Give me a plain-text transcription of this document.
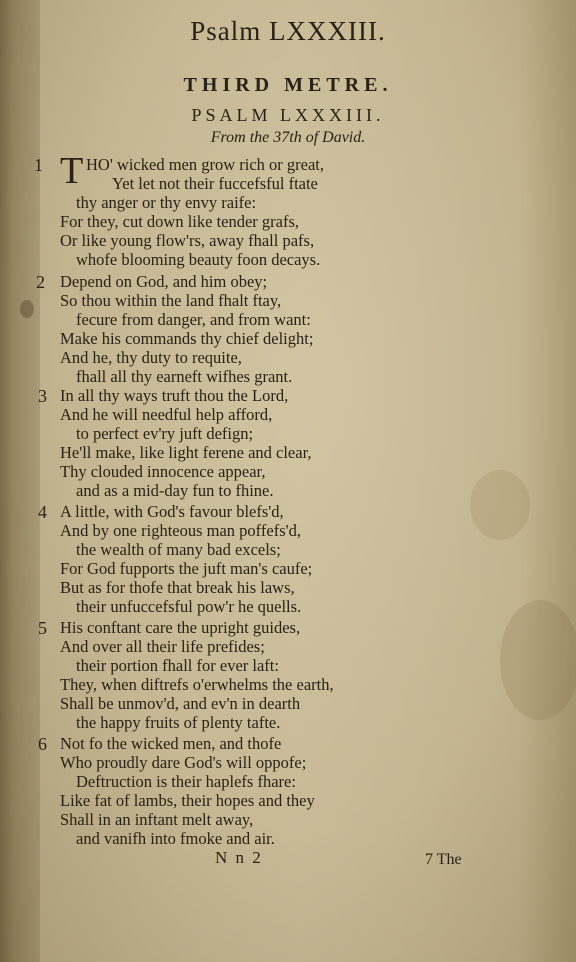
Psalm LXXXIII.
THIRD METRE.
PSALM LXXXIII.
From the 37th of David.
T
1	HO' wicked men grow rich or great,
Yet let not their fuccefsful ftate
thy anger or thy envy raife:
For they, cut down like tender grafs,
Or like young flow'rs, away fhall pafs,
whofe blooming beauty foon decays.
2 Depend on God, and him obey;
So thou within the land fhalt ftay,
fecure from danger, and from want:
Make his commands thy chief delight;
And he, thy duty to requite,
fhall all thy earneft wifhes grant.
3 In all thy ways truft thou the Lord,
And he will needful help afford,
to perfect ev'ry juft defign;
He'll make, like light ferene and clear,
Thy clouded innocence appear,
and as a mid-day fun to fhine.
4 A little, with God's favour blefs'd,
And by one righteous man poffefs'd,
the wealth of many bad excels;
For God fupports the juft man's caufe;
But as for thofe that break his laws,
their unfuccefsful pow'r he quells.
5 His conftant care the upright guides,
And over all their life prefides;
their portion fhall for ever laft:
They, when diftrefs o'erwhelms the earth,
Shall be unmov'd, and ev'n in dearth
the happy fruits of plenty tafte.
6 Not fo the wicked men, and thofe
Who proudly dare God's will oppofe;
Deftruction is their haplefs fhare:
Like fat of lambs, their hopes and they
Shall in an inftant melt away,
and vanifh into fmoke and air.
N n 2	7 The
